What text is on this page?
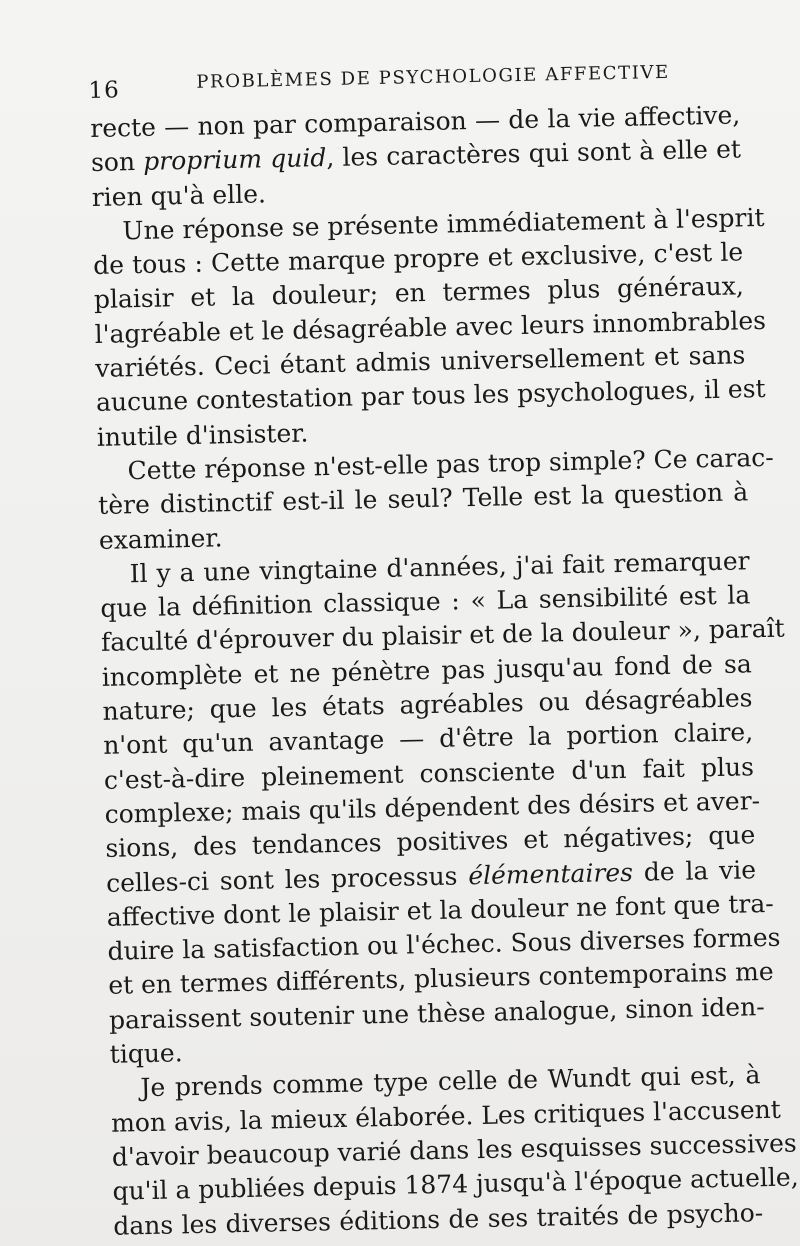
16	PROBLÈMES DE PSYCHOLOGIE AFFECTIVE
recte — non par comparaison — de la vie affective,
son proprium quid, les caractères qui sont à elle et
rien qu'à elle.
Une réponse se présente immédiatement à l'esprit
de tous : Cette marque propre et exclusive, c'est le
plaisir et la douleur; en termes plus généraux,
l'agréable et le désagréable avec leurs innombrables
variétés. Ceci étant admis universellement et sans
aucune contestation par tous les psychologues, il est
inutile d'insister.
Cette réponse n'est-elle pas trop simple? Ce carac-
tère distinctif est-il le seul? Telle est la question à
examiner.
Il y a une vingtaine d'années, j'ai fait remarquer
que la définition classique : « La sensibilité est la
faculté d'éprouver du plaisir et de la douleur », paraît
incomplète et ne pénètre pas jusqu'au fond de sa
nature; que les états agréables ou désagréables
n'ont qu'un avantage — d'être la portion claire,
c'est-à-dire pleinement consciente d'un fait plus
complexe; mais qu'ils dépendent des désirs et aver-
sions, des tendances positives et négatives; que
celles-ci sont les processus élémentaires de la vie
affective dont le plaisir et la douleur ne font que tra-
duire la satisfaction ou l'échec. Sous diverses formes
et en termes différents, plusieurs contemporains me
paraissent soutenir une thèse analogue, sinon iden-
tique.
Je prends comme type celle de Wundt qui est, à
mon avis, la mieux élaborée. Les critiques l'accusent
d'avoir beaucoup varié dans les esquisses successives
qu'il a publiées depuis 1874 jusqu'à l'époque actuelle,
dans les diverses éditions de ses traités de psycho-
